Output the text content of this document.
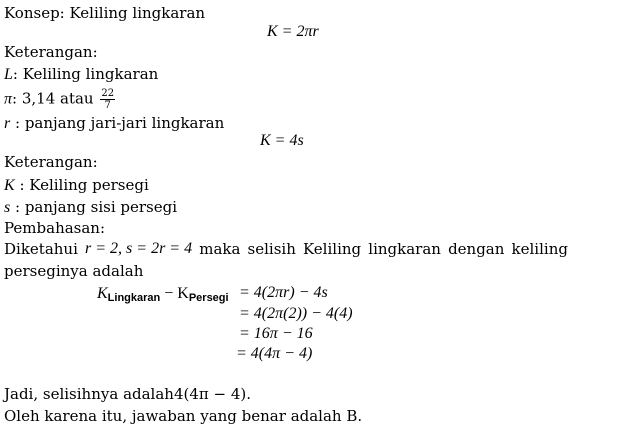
Konsep: Keliling lingkaran
K = 2πr
Keterangan:
L: Keliling lingkaran
π: 3,14 atau $\frac{22}{7}$
r : panjang jari-jari lingkaran
K = 4s
Keterangan:
K : Keliling persegi
s : panjang sisi persegi
Pembahasan:
Diketahui r = 2, s = 2r = 4 maka selisih Keliling lingkaran dengan keliling
perseginya adalah
$K_{Lingkaran} - K_{Persegi} = 4(2\pi r) - 4s$
= 4(2π(2)) − 4(4)
= 16π − 16
= 4(4π − 4)
Jadi, selisihnya adalah4(4π − 4).
Oleh karena itu, jawaban yang benar adalah B.
